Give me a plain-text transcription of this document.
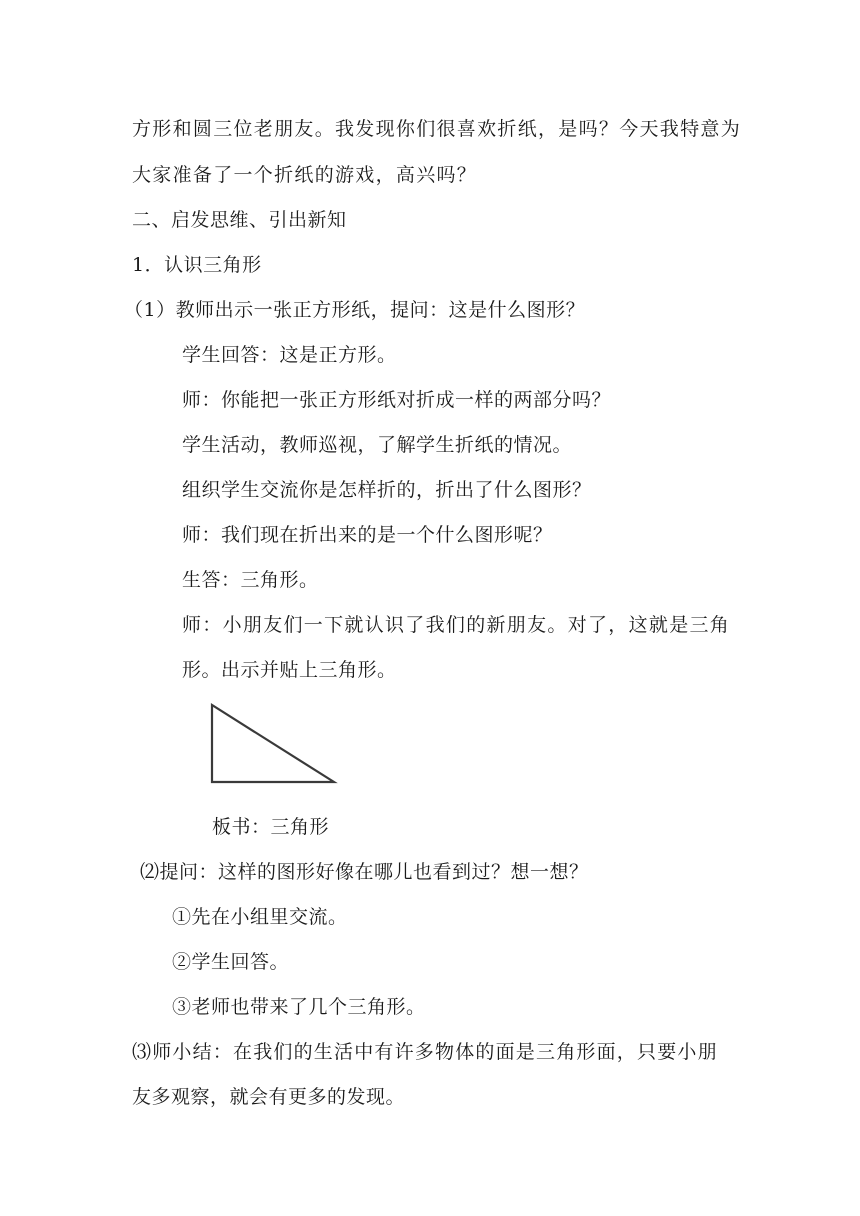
方形和圆三位老朋友。我发现你们很喜欢折纸，是吗？今天我特意为
大家准备了一个折纸的游戏，高兴吗？
二、启发思维、引出新知
1．认识三角形
（1）教师出示一张正方形纸，提问：这是什么图形？
学生回答：这是正方形。
师：你能把一张正方形纸对折成一样的两部分吗？
学生活动，教师巡视，了解学生折纸的情况。
组织学生交流你是怎样折的，折出了什么图形？
师：我们现在折出来的是一个什么图形呢？
生答：三角形。
师：小朋友们一下就认识了我们的新朋友。对了，这就是三角
形。出示并贴上三角形。
板书：三角形
⑵提问：这样的图形好像在哪儿也看到过？想一想？
①先在小组里交流。
②学生回答。
③老师也带来了几个三角形。
⑶师小结：在我们的生活中有许多物体的面是三角形面，只要小朋
友多观察，就会有更多的发现。
